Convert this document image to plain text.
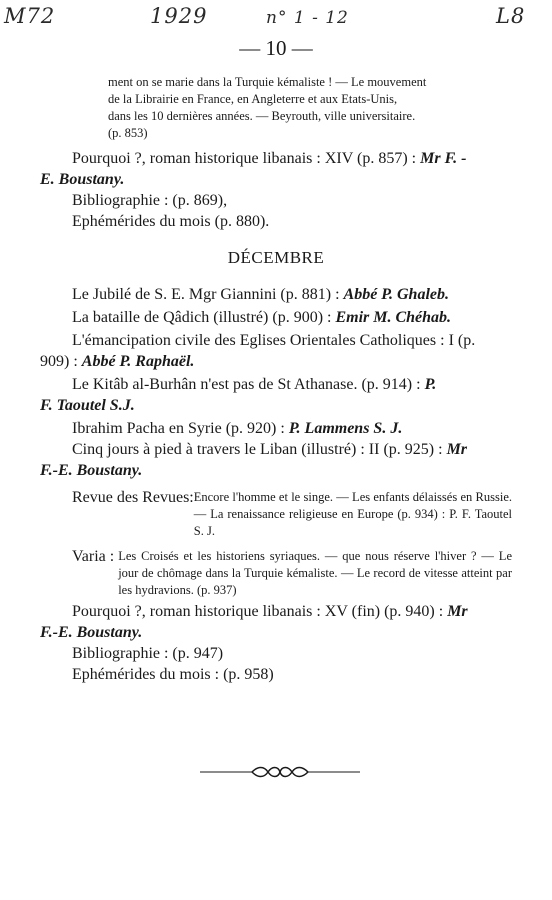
M72	1929	n° 1 - 12	L8
— 10 —
ment on se marie dans la Turquie kémaliste ! — Le mouvement
de la Librairie en France, en Angleterre et aux Etats-Unis,
dans les 10 dernières années. — Beyrouth, ville universitaire.
(p. 853)
Pourquoi ?, roman historique libanais : XIV (p. 857) : Mr F. -
E. Boustany.
Bibliographie : (p. 869),
Ephémérides du mois (p. 880).
DÉCEMBRE
Le Jubilé de S. E. Mgr Giannini (p. 881) : Abbé P. Ghaleb.
La bataille de Qâdich (illustré) (p. 900) : Emir M. Chéhab.
L'émancipation civile des Eglises Orientales Catholiques : I (p.
909) : Abbé P. Raphaël.
Le Kitâb al-Burhân n'est pas de St Athanase. (p. 914) : P.
F. Taoutel S.J.
Ibrahim Pacha en Syrie (p. 920) : P. Lammens S. J.
Cinq jours à pied à travers le Liban (illustré) : II (p. 925) : Mr
F.-E. Boustany.
Revue des Revues: Encore l'homme et le singe. — Les enfants délaissés en Russie. — La renaissance religieuse en Europe (p. 934) : P. F. Taoutel S. J.
Varia : Les Croisés et les historiens syriaques. — que nous réserve l'hiver ? — Le jour de chômage dans la Turquie kémaliste. — Le record de vitesse atteint par les hydravions. (p. 937)
Pourquoi ?, roman historique libanais : XV (fin) (p. 940) : Mr
F.-E. Boustany.
Bibliographie : (p. 947)
Ephémérides du mois : (p. 958)
